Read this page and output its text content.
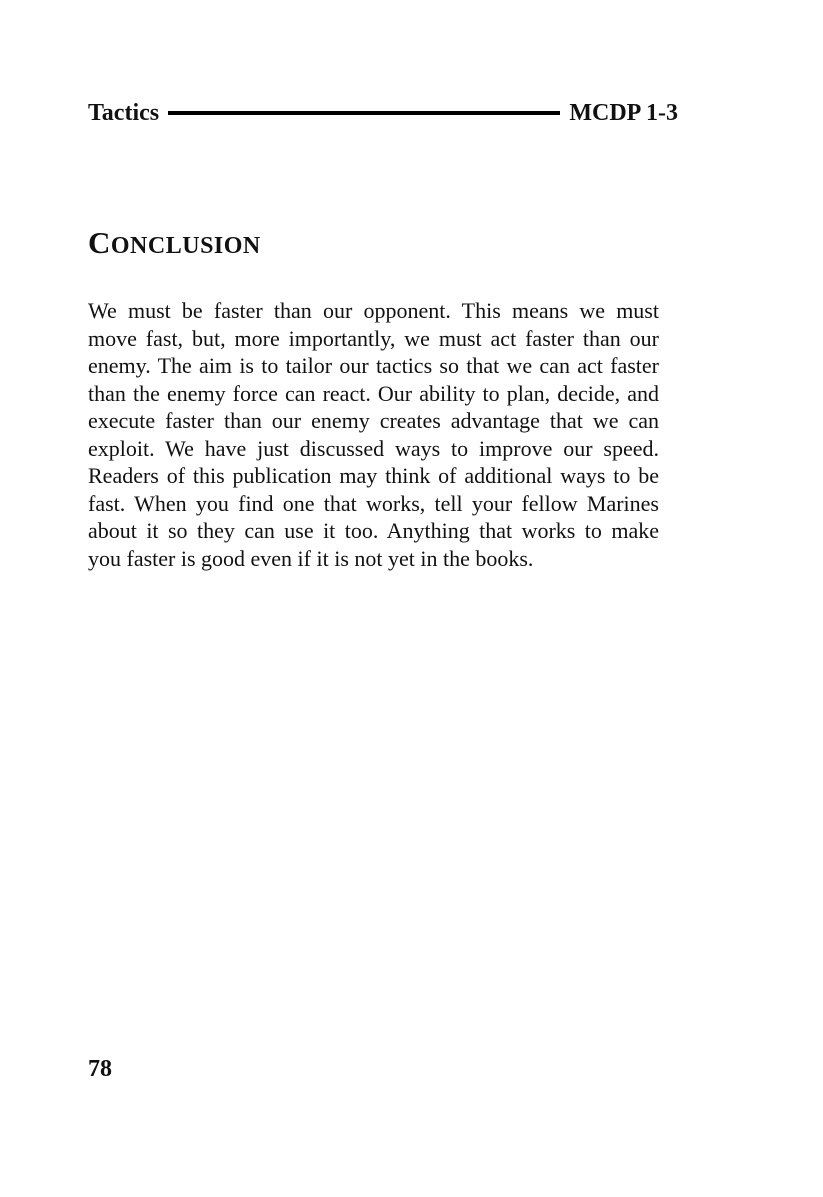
Tactics	MCDP 1-3
CONCLUSION
We must be faster than our opponent. This means we must
move fast, but, more importantly, we must act faster than our
enemy. The aim is to tailor our tactics so that we can act faster
than the enemy force can react. Our ability to plan, decide, and
execute faster than our enemy creates advantage that we can
exploit. We have just discussed ways to improve our speed.
Readers of this publication may think of additional ways to be
fast. When you find one that works, tell your fellow Marines
about it so they can use it too. Anything that works to make
you faster is good even if it is not yet in the books.
78
